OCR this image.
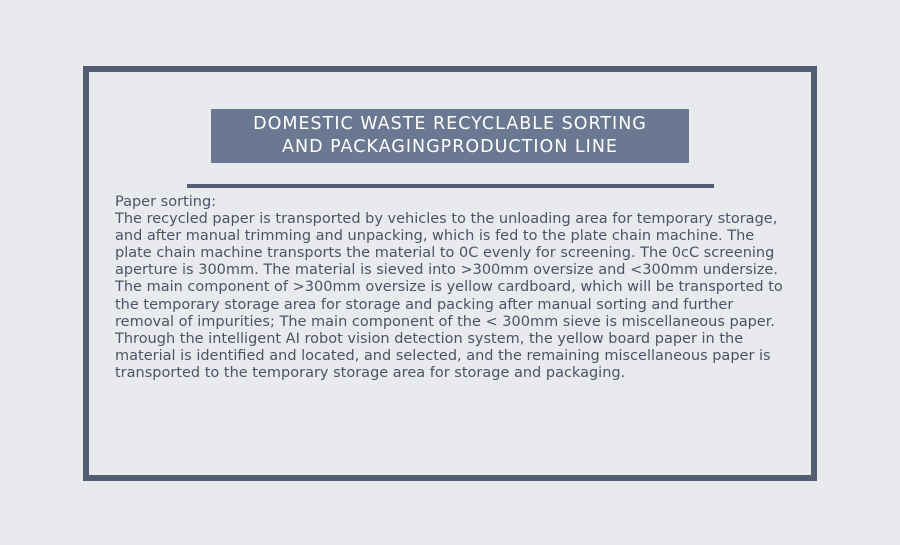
DOMESTIC WASTE RECYCLABLE SORTING
AND PACKAGINGPRODUCTION LINE

Paper sorting:

The recycled paper is transported by vehicles to the unloading area for temporary storage, and after manual trimming and unpacking, which is fed to the plate chain machine. The plate chain machine transports the material to 0C evenly for screening. The 0cC screening aperture is 300mm. The material is sieved into >300mm oversize and <300mm undersize. The main component of >300mm oversize is yellow cardboard, which will be transported to the temporary storage area for storage and packing after manual sorting and further removal of impurities; The main component of the < 300mm sieve is miscellaneous paper. Through the intelligent AI robot vision detection system, the yellow board paper in the material is identified and located, and selected, and the remaining miscellaneous paper is transported to the temporary storage area for storage and packaging.
